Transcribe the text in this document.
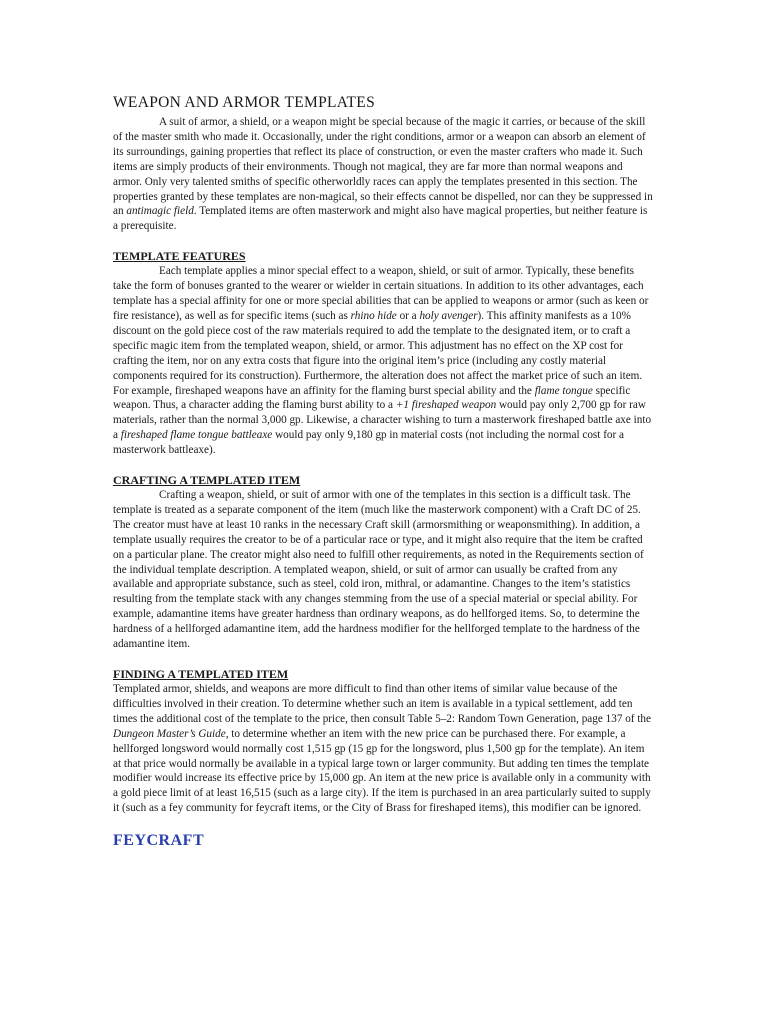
WEAPON AND ARMOR TEMPLATES

A suit of armor, a shield, or a weapon might be special because of the magic it carries, or because of the skill of the master smith who made it. Occasionally, under the right conditions, armor or a weapon can absorb an element of its surroundings, gaining properties that reflect its place of construction, or even the master crafters who made it. Such items are simply products of their environments. Though not magical, they are far more than normal weapons and armor. Only very talented smiths of specific otherworldly races can apply the templates presented in this section. The properties granted by these templates are non-magical, so their effects cannot be dispelled, nor can they be suppressed in an antimagic field. Templated items are often masterwork and might also have magical properties, but neither feature is a prerequisite.

TEMPLATE FEATURES

Each template applies a minor special effect to a weapon, shield, or suit of armor. Typically, these benefits take the form of bonuses granted to the wearer or wielder in certain situations. In addition to its other advantages, each template has a special affinity for one or more special abilities that can be applied to weapons or armor (such as keen or fire resistance), as well as for specific items (such as rhino hide or a holy avenger). This affinity manifests as a 10% discount on the gold piece cost of the raw materials required to add the template to the designated item, or to craft a specific magic item from the templated weapon, shield, or armor. This adjustment has no effect on the XP cost for crafting the item, nor on any extra costs that figure into the original item’s price (including any costly material components required for its construction). Furthermore, the alteration does not affect the market price of such an item. For example, fireshaped weapons have an affinity for the flaming burst special ability and the flame tongue specific weapon. Thus, a character adding the flaming burst ability to a +1 fireshaped weapon would pay only 2,700 gp for raw materials, rather than the normal 3,000 gp. Likewise, a character wishing to turn a masterwork fireshaped battle axe into a fireshaped flame tongue battleaxe would pay only 9,180 gp in material costs (not including the normal cost for a masterwork battleaxe).

CRAFTING A TEMPLATED ITEM

Crafting a weapon, shield, or suit of armor with one of the templates in this section is a difficult task. The template is treated as a separate component of the item (much like the masterwork component) with a Craft DC of 25. The creator must have at least 10 ranks in the necessary Craft skill (armorsmithing or weaponsmithing). In addition, a template usually requires the creator to be of a particular race or type, and it might also require that the item be crafted on a particular plane. The creator might also need to fulfill other requirements, as noted in the Requirements section of the individual template description. A templated weapon, shield, or suit of armor can usually be crafted from any available and appropriate substance, such as steel, cold iron, mithral, or adamantine. Changes to the item’s statistics resulting from the template stack with any changes stemming from the use of a special material or special ability. For example, adamantine items have greater hardness than ordinary weapons, as do hellforged items. So, to determine the hardness of a hellforged adamantine item, add the hardness modifier for the hellforged template to the hardness of the adamantine item.

FINDING A TEMPLATED ITEM

Templated armor, shields, and weapons are more difficult to find than other items of similar value because of the difficulties involved in their creation. To determine whether such an item is available in a typical settlement, add ten times the additional cost of the template to the price, then consult Table 5–2: Random Town Generation, page 137 of the Dungeon Master’s Guide, to determine whether an item with the new price can be purchased there. For example, a hellforged longsword would normally cost 1,515 gp (15 gp for the longsword, plus 1,500 gp for the template). An item at that price would normally be available in a typical large town or larger community. But adding ten times the template modifier would increase its effective price by 15,000 gp. An item at the new price is available only in a community with a gold piece limit of at least 16,515 (such as a large city). If the item is purchased in an area particularly suited to supply it (such as a fey community for feycraft items, or the City of Brass for fireshaped items), this modifier can be ignored.

FEYCRAFT
